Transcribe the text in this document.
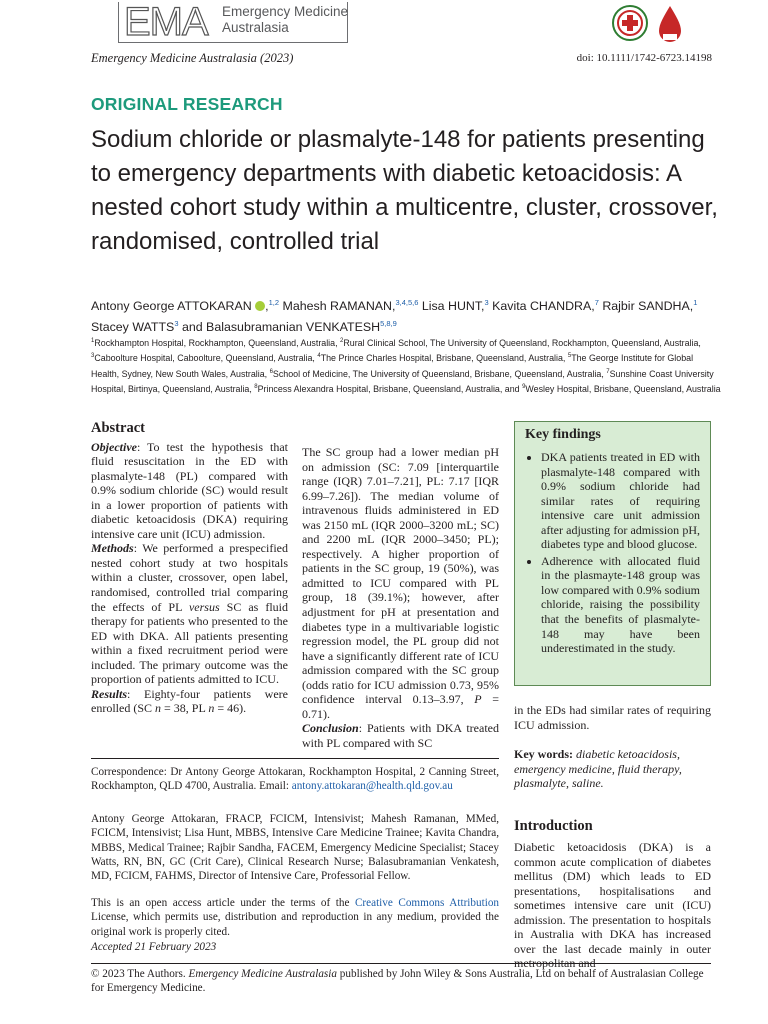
EMA Emergency Medicine
Australasia
Emergency Medicine Australasia (2023)	doi: 10.1111/1742-6723.14198
ORIGINAL RESEARCH
Sodium chloride or plasmalyte-148 for patients presenting to emergency departments with diabetic ketoacidosis: A nested cohort study within a multicentre, cluster, crossover, randomised, controlled trial
Antony George ATTOKARAN ,$^{1,2}$ Mahesh RAMANAN,$^{3,4,5,6}$ Lisa HUNT,$^3$ Kavita CHANDRA,$^7$ Rajbir SANDHA,$^1$ Stacey WATTS$^3$ and Balasubramanian VENKATESH$^{5,8,9}$
$^1$Rockhampton Hospital, Rockhampton, Queensland, Australia, $^2$Rural Clinical School, The University of Queensland, Rockhampton, Queensland, Australia, $^3$Caboolture Hospital, Caboolture, Queensland, Australia, $^4$The Prince Charles Hospital, Brisbane, Queensland, Australia, $^5$The George Institute for Global Health, Sydney, New South Wales, Australia, $^6$School of Medicine, The University of Queensland, Brisbane, Queensland, Australia, $^7$Sunshine Coast University Hospital, Birtinya, Queensland, Australia, $^8$Princess Alexandra Hospital, Brisbane, Queensland, Australia, and $^9$Wesley Hospital, Brisbane, Queensland, Australia
Abstract

Objective: To test the hypothesis that fluid resuscitation in the ED with plasmalyte-148 (PL) compared with 0.9% sodium chloride (SC) would result in a lower proportion of patients with diabetic ketoacidosis (DKA) requiring intensive care unit (ICU) admission.

Methods: We performed a prespecified nested cohort study at two hospitals within a cluster, crossover, open label, randomised, controlled trial comparing the effects of PL versus SC as fluid therapy for patients who presented to the ED with DKA. All patients presenting within a fixed recruitment period were included. The primary outcome was the proportion of patients admitted to ICU.

Results: Eighty-four patients were enrolled (SC n = 38, PL n = 46).

The SC group had a lower median pH on admission (SC: 7.09 [interquartile range (IQR) 7.01–7.21], PL: 7.17 [IQR 6.99–7.26]). The median volume of intravenous fluids administered in ED was 2150 mL (IQR 2000–3200 mL; SC) and 2200 mL (IQR 2000–3450; PL); respectively. A higher proportion of patients in the SC group, 19 (50%), was admitted to ICU compared with PL group, 18 (39.1%); however, after adjustment for pH at presentation and diabetes type in a multivariable logistic regression model, the PL group did not have a significantly different rate of ICU admission compared with the SC group (odds ratio for ICU admission 0.73, 95% confidence interval 0.13–3.97, P = 0.71).

Conclusion: Patients with DKA treated with PL compared with SC

Key findings
• DKA patients treated in ED with plasmalyte-148 compared with 0.9% sodium chloride had similar rates of requiring intensive care unit admission after adjusting for admission pH, diabetes type and blood glucose.
• Adherence with allocated fluid in the plasmayte-148 group was low compared with 0.9% sodium chloride, raising the possibility that the benefits of plasmalyte-148 may have been underestimated in the study.

in the EDs had similar rates of requiring ICU admission.

Key words: diabetic ketoacidosis, emergency medicine, fluid therapy, plasmalyte, saline.
Introduction
Diabetic ketoacidosis (DKA) is a common acute complication of diabetes mellitus (DM) which leads to ED presentations, hospitalisations and sometimes intensive care unit (ICU) admission. The presentation to hospitals in Australia with DKA has increased over the last decade mainly in outer metropolitan and
Correspondence: Dr Antony George Attokaran, Rockhampton Hospital, 2 Canning Street, Rockhampton, QLD 4700, Australia. Email: antony.attokaran@health.qld.gov.au
Antony George Attokaran, FRACP, FCICM, Intensivist; Mahesh Ramanan, MMed, FCICM, Intensivist; Lisa Hunt, MBBS, Intensive Care Medicine Trainee; Kavita Chandra, MBBS, Medical Trainee; Rajbir Sandha, FACEM, Emergency Medicine Specialist; Stacey Watts, RN, BN, GC (Crit Care), Clinical Research Nurse; Balasubramanian Venkatesh, MD, FCICM, FAHMS, Director of Intensive Care, Professorial Fellow.
This is an open access article under the terms of the Creative Commons Attribution License, which permits use, distribution and reproduction in any medium, provided the original work is properly cited.
Accepted 21 February 2023
© 2023 The Authors. Emergency Medicine Australasia published by John Wiley & Sons Australia, Ltd on behalf of Australasian College for Emergency Medicine.
